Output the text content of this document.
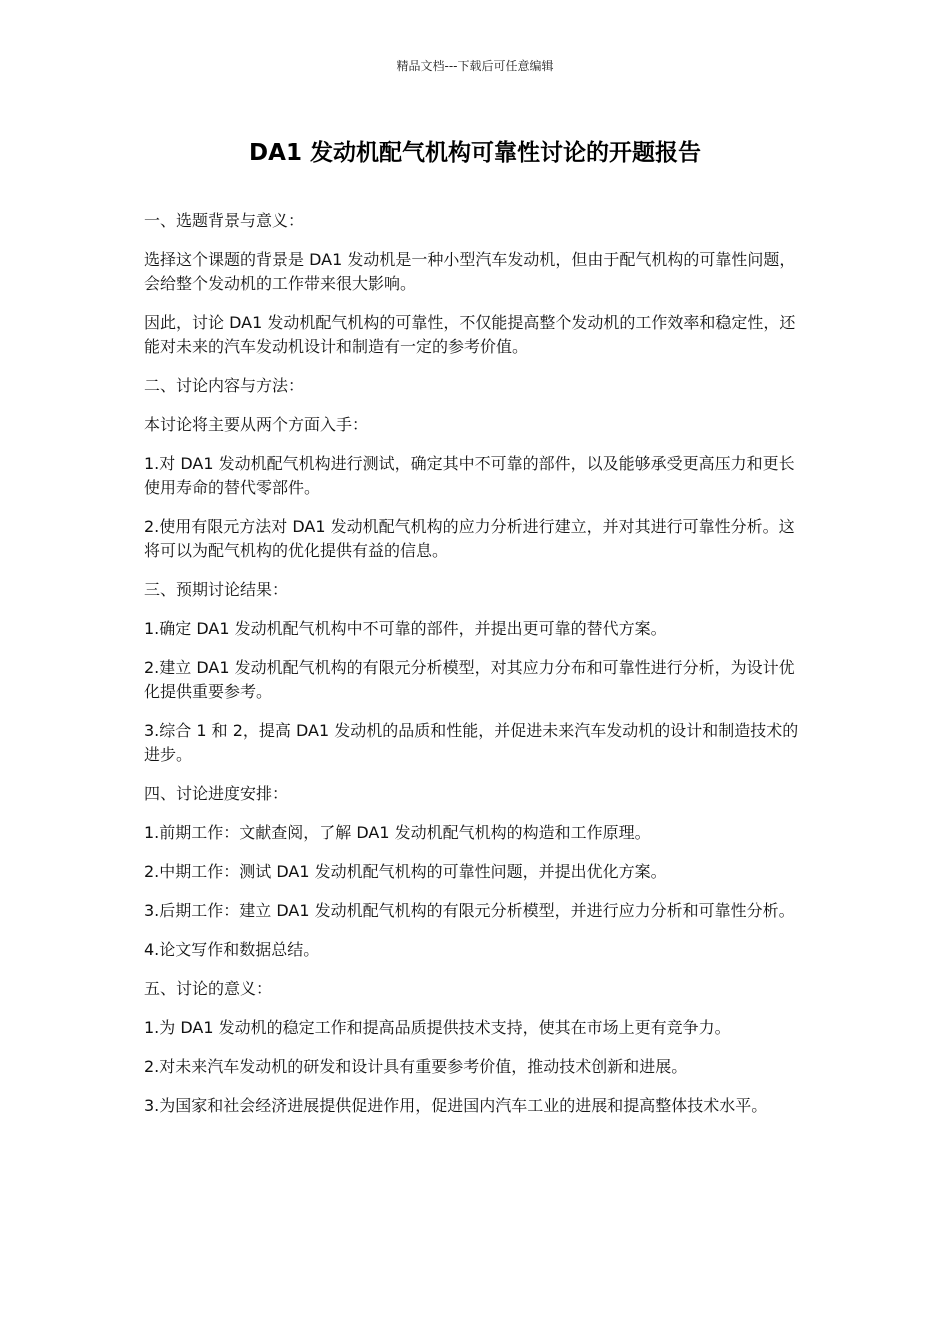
精品文档---下载后可任意编辑
DA1 发动机配气机构可靠性讨论的开题报告

一、选题背景与意义：

选择这个课题的背景是 DA1 发动机是一种小型汽车发动机，但由于配气机构的可靠性问题，会给整个发动机的工作带来很大影响。

因此，讨论 DA1 发动机配气机构的可靠性，不仅能提高整个发动机的工作效率和稳定性，还能对未来的汽车发动机设计和制造有一定的参考价值。

二、讨论内容与方法：

本讨论将主要从两个方面入手：

1.对 DA1 发动机配气机构进行测试，确定其中不可靠的部件，以及能够承受更高压力和更长使用寿命的替代零部件。

2.使用有限元方法对 DA1 发动机配气机构的应力分析进行建立，并对其进行可靠性分析。这将可以为配气机构的优化提供有益的信息。

三、预期讨论结果：

1.确定 DA1 发动机配气机构中不可靠的部件，并提出更可靠的替代方案。

2.建立 DA1 发动机配气机构的有限元分析模型，对其应力分布和可靠性进行分析，为设计优化提供重要参考。

3.综合 1 和 2，提高 DA1 发动机的品质和性能，并促进未来汽车发动机的设计和制造技术的进步。

四、讨论进度安排：

1.前期工作：文献查阅，了解 DA1 发动机配气机构的构造和工作原理。

2.中期工作：测试 DA1 发动机配气机构的可靠性问题，并提出优化方案。

3.后期工作：建立 DA1 发动机配气机构的有限元分析模型，并进行应力分析和可靠性分析。

4.论文写作和数据总结。

五、讨论的意义：

1.为 DA1 发动机的稳定工作和提高品质提供技术支持，使其在市场上更有竞争力。

2.对未来汽车发动机的研发和设计具有重要参考价值，推动技术创新和进展。

3.为国家和社会经济进展提供促进作用，促进国内汽车工业的进展和提高整体技术水平。
